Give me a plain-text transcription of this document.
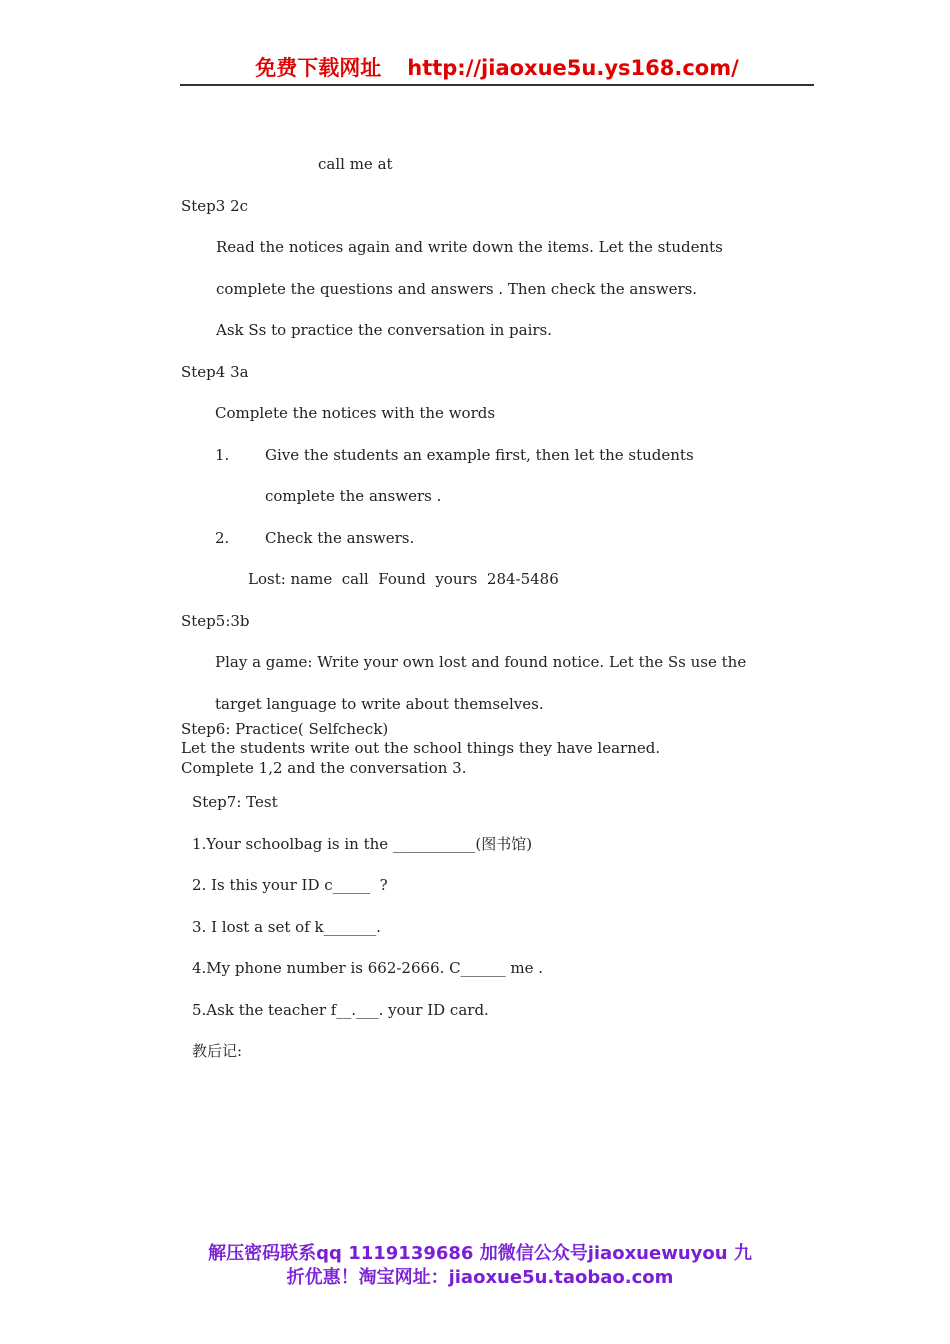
免费下载网址 http://jiaoxue5u.ys168.com/
call me at
Step3 2c
Read the notices again and write down the items. Let the students
complete the questions and answers . Then check the answers.
Ask Ss to practice the conversation in pairs.
Step4 3a
Complete the notices with the words
1. Give the students an example first, then let the students
complete the answers .
2. Check the answers.
Lost: name  call  Found  yours  284-5486
Step5:3b
Play a game: Write your own lost and found notice. Let the Ss use the
target language to write about themselves.
Step6: Practice( Selfcheck)
Let the students write out the school things they have learned.
Complete 1,2 and the conversation 3.
Step7: Test
1.Your schoolbag is in the ___________(图书馆)
2. Is this your ID c_____  ?
3. I lost a set of k_______.
4.My phone number is 662-2666. C______ me .
5.Ask the teacher f__.___. your ID card.
教后记:
解压密码联系qq 1119139686 加微信公众号jiaoxuewuyou 九
折优惠！淘宝网址：jiaoxue5u.taobao.com
